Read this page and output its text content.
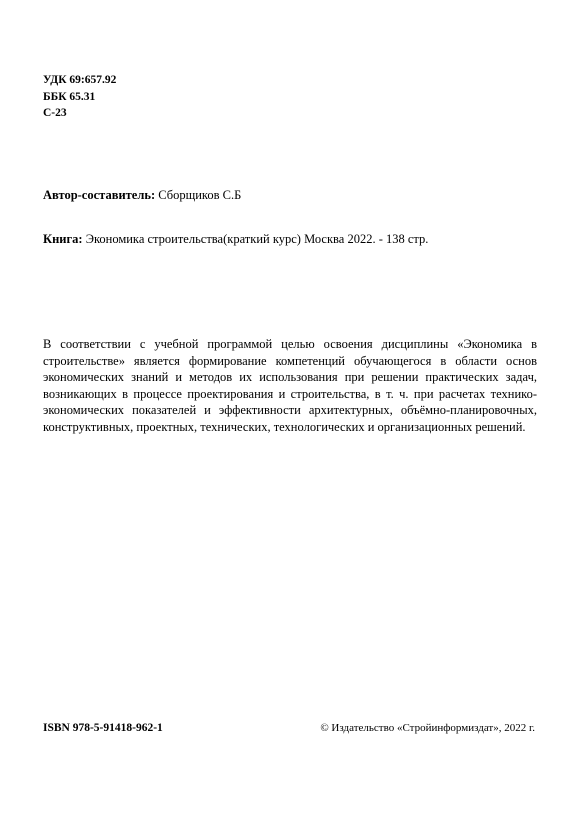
УДК 69:657.92
ББК 65.31
С-23
Автор-составитель: Сборщиков С.Б
Книга: Экономика строительства(краткий курс) Москва 2022. - 138 стр.
В соответствии с учебной программой целью освоения дисциплины «Экономика в строительстве» является формирование компетенций обучающегося в области основ экономических знаний и методов их использования при решении практических задач, возникающих в процессе проектирования и строительства, в т. ч. при расчетах технико-экономических показателей и эффективности архитектурных, объёмно-планировочных, конструктивных, проектных, технических, технологических и организационных решений.
ISBN 978-5-91418-962-1	© Издательство «Стройинформиздат», 2022 г.
